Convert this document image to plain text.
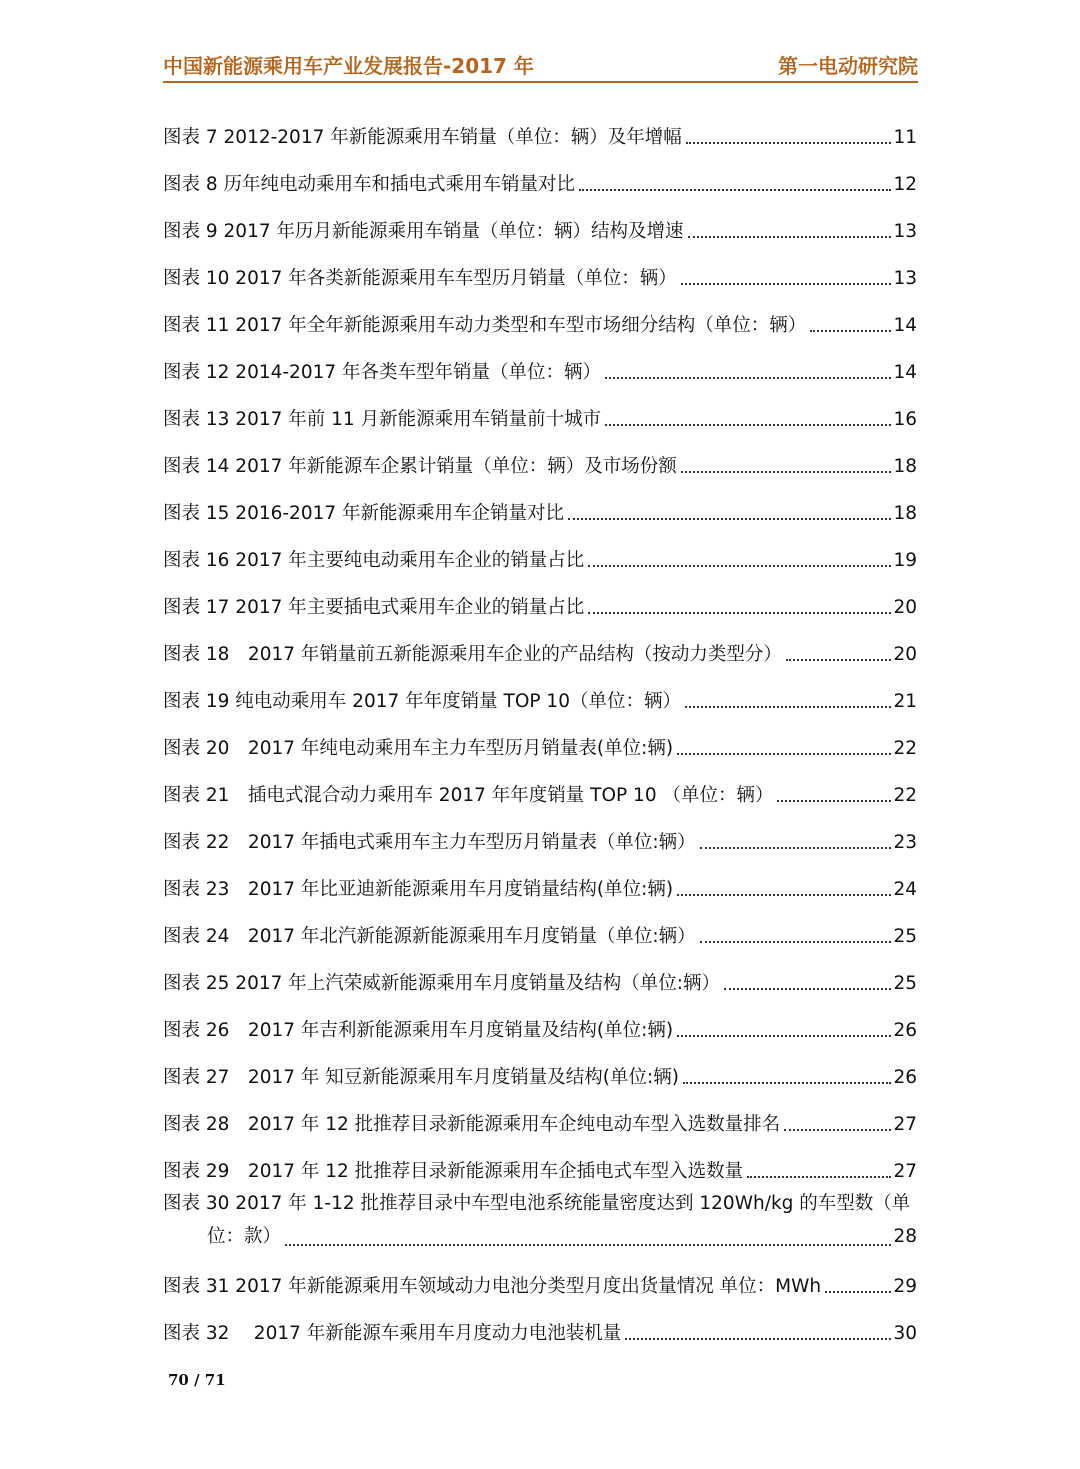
中国新能源乘用车产业发展报告-2017 年	第一电动研究院
图表 7 2012-2017 年新能源乘用车销量（单位：辆）及年增幅	11
图表 8 历年纯电动乘用车和插电式乘用车销量对比	12
图表 9 2017 年历月新能源乘用车销量（单位：辆）结构及增速	13
图表 10 2017 年各类新能源乘用车车型历月销量（单位：辆）	13
图表 11 2017 年全年新能源乘用车动力类型和车型市场细分结构（单位：辆）	14
图表 12 2014-2017 年各类车型年销量（单位：辆）	14
图表 13 2017 年前 11 月新能源乘用车销量前十城市	16
图表 14 2017 年新能源车企累计销量（单位：辆）及市场份额	18
图表 15 2016-2017 年新能源乘用车企销量对比	18
图表 16 2017 年主要纯电动乘用车企业的销量占比	19
图表 17 2017 年主要插电式乘用车企业的销量占比	20
图表 18　2017 年销量前五新能源乘用车企业的产品结构（按动力类型分）	20
图表 19 纯电动乘用车 2017 年年度销量 TOP 10（单位：辆）	21
图表 20　2017 年纯电动乘用车主力车型历月销量表(单位:辆)	22
图表 21　插电式混合动力乘用车 2017 年年度销量 TOP 10 （单位：辆）	22
图表 22　2017 年插电式乘用车主力车型历月销量表（单位:辆）	23
图表 23　2017 年比亚迪新能源乘用车月度销量结构(单位:辆)	24
图表 24　2017 年北汽新能源新能源乘用车月度销量（单位:辆）	25
图表 25 2017 年上汽荣威新能源乘用车月度销量及结构（单位:辆）	25
图表 26　2017 年吉利新能源乘用车月度销量及结构(单位:辆)	26
图表 27　2017 年 知豆新能源乘用车月度销量及结构(单位:辆)	26
图表 28　2017 年 12 批推荐目录新能源乘用车企纯电动车型入选数量排名	27
图表 29　2017 年 12 批推荐目录新能源乘用车企插电式车型入选数量	27
图表 30 2017 年 1-12 批推荐目录中车型电池系统能量密度达到 120Wh/kg 的车型数（单
位：款）	28
图表 31 2017 年新能源乘用车领域动力电池分类型月度出货量情况 单位：MWh	29
图表 32　 2017 年新能源车乘用车月度动力电池装机量	30
70 / 71
